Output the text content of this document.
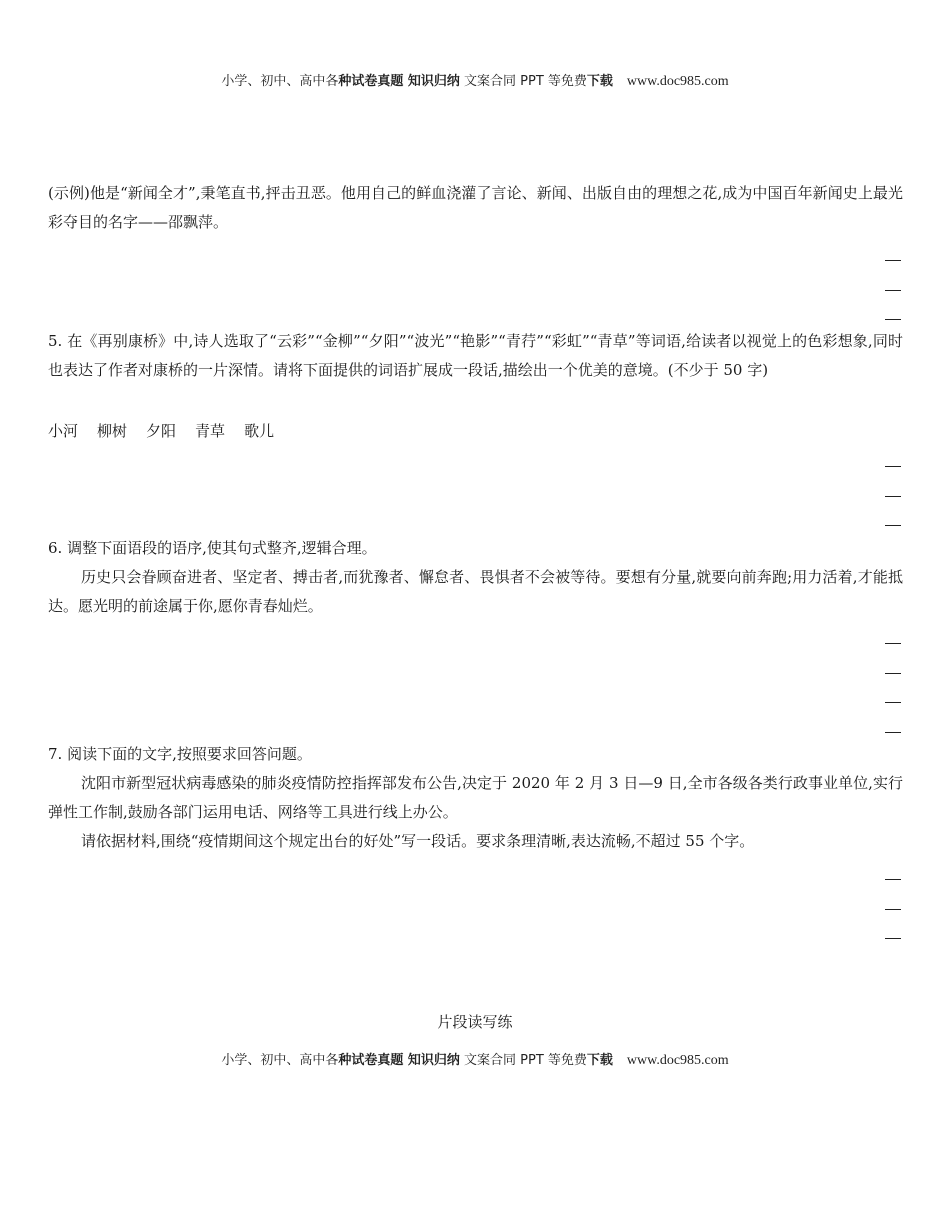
小学、初中、高中各种试卷真题 知识归纳 文案合同 PPT 等免费下载 www.doc985.com

(示例)他是“新闻全才”,秉笔直书,抨击丑恶。他用自己的鲜血浇灌了言论、新闻、出版自由的理想之花,成为中国百年新闻史上最光彩夺目的名字——邵飘萍。

5. 在《再别康桥》中,诗人选取了“云彩”“金柳”“夕阳”“波光”“艳影”“青荇”“彩虹”“青草”等词语,给读者以视觉上的色彩想象,同时也表达了作者对康桥的一片深情。请将下面提供的词语扩展成一段话,描绘出一个优美的意境。(不少于 50 字)

小河 柳树 夕阳 青草 歌儿

6. 调整下面语段的语序,使其句式整齐,逻辑合理。

历史只会眷顾奋进者、坚定者、搏击者,而犹豫者、懈怠者、畏惧者不会被等待。要想有分量,就要向前奔跑;用力活着,才能抵达。愿光明的前途属于你,愿你青春灿烂。

7. 阅读下面的文字,按照要求回答问题。

沈阳市新型冠状病毒感染的肺炎疫情防控指挥部发布公告,决定于 2020 年 2 月 3 日—9 日,全市各级各类行政事业单位,实行弹性工作制,鼓励各部门运用电话、网络等工具进行线上办公。

请依据材料,围绕“疫情期间这个规定出台的好处”写一段话。要求条理清晰,表达流畅,不超过 55 个字。

片段读写练
小学、初中、高中各种试卷真题 知识归纳 文案合同 PPT 等免费下载 www.doc985.com
